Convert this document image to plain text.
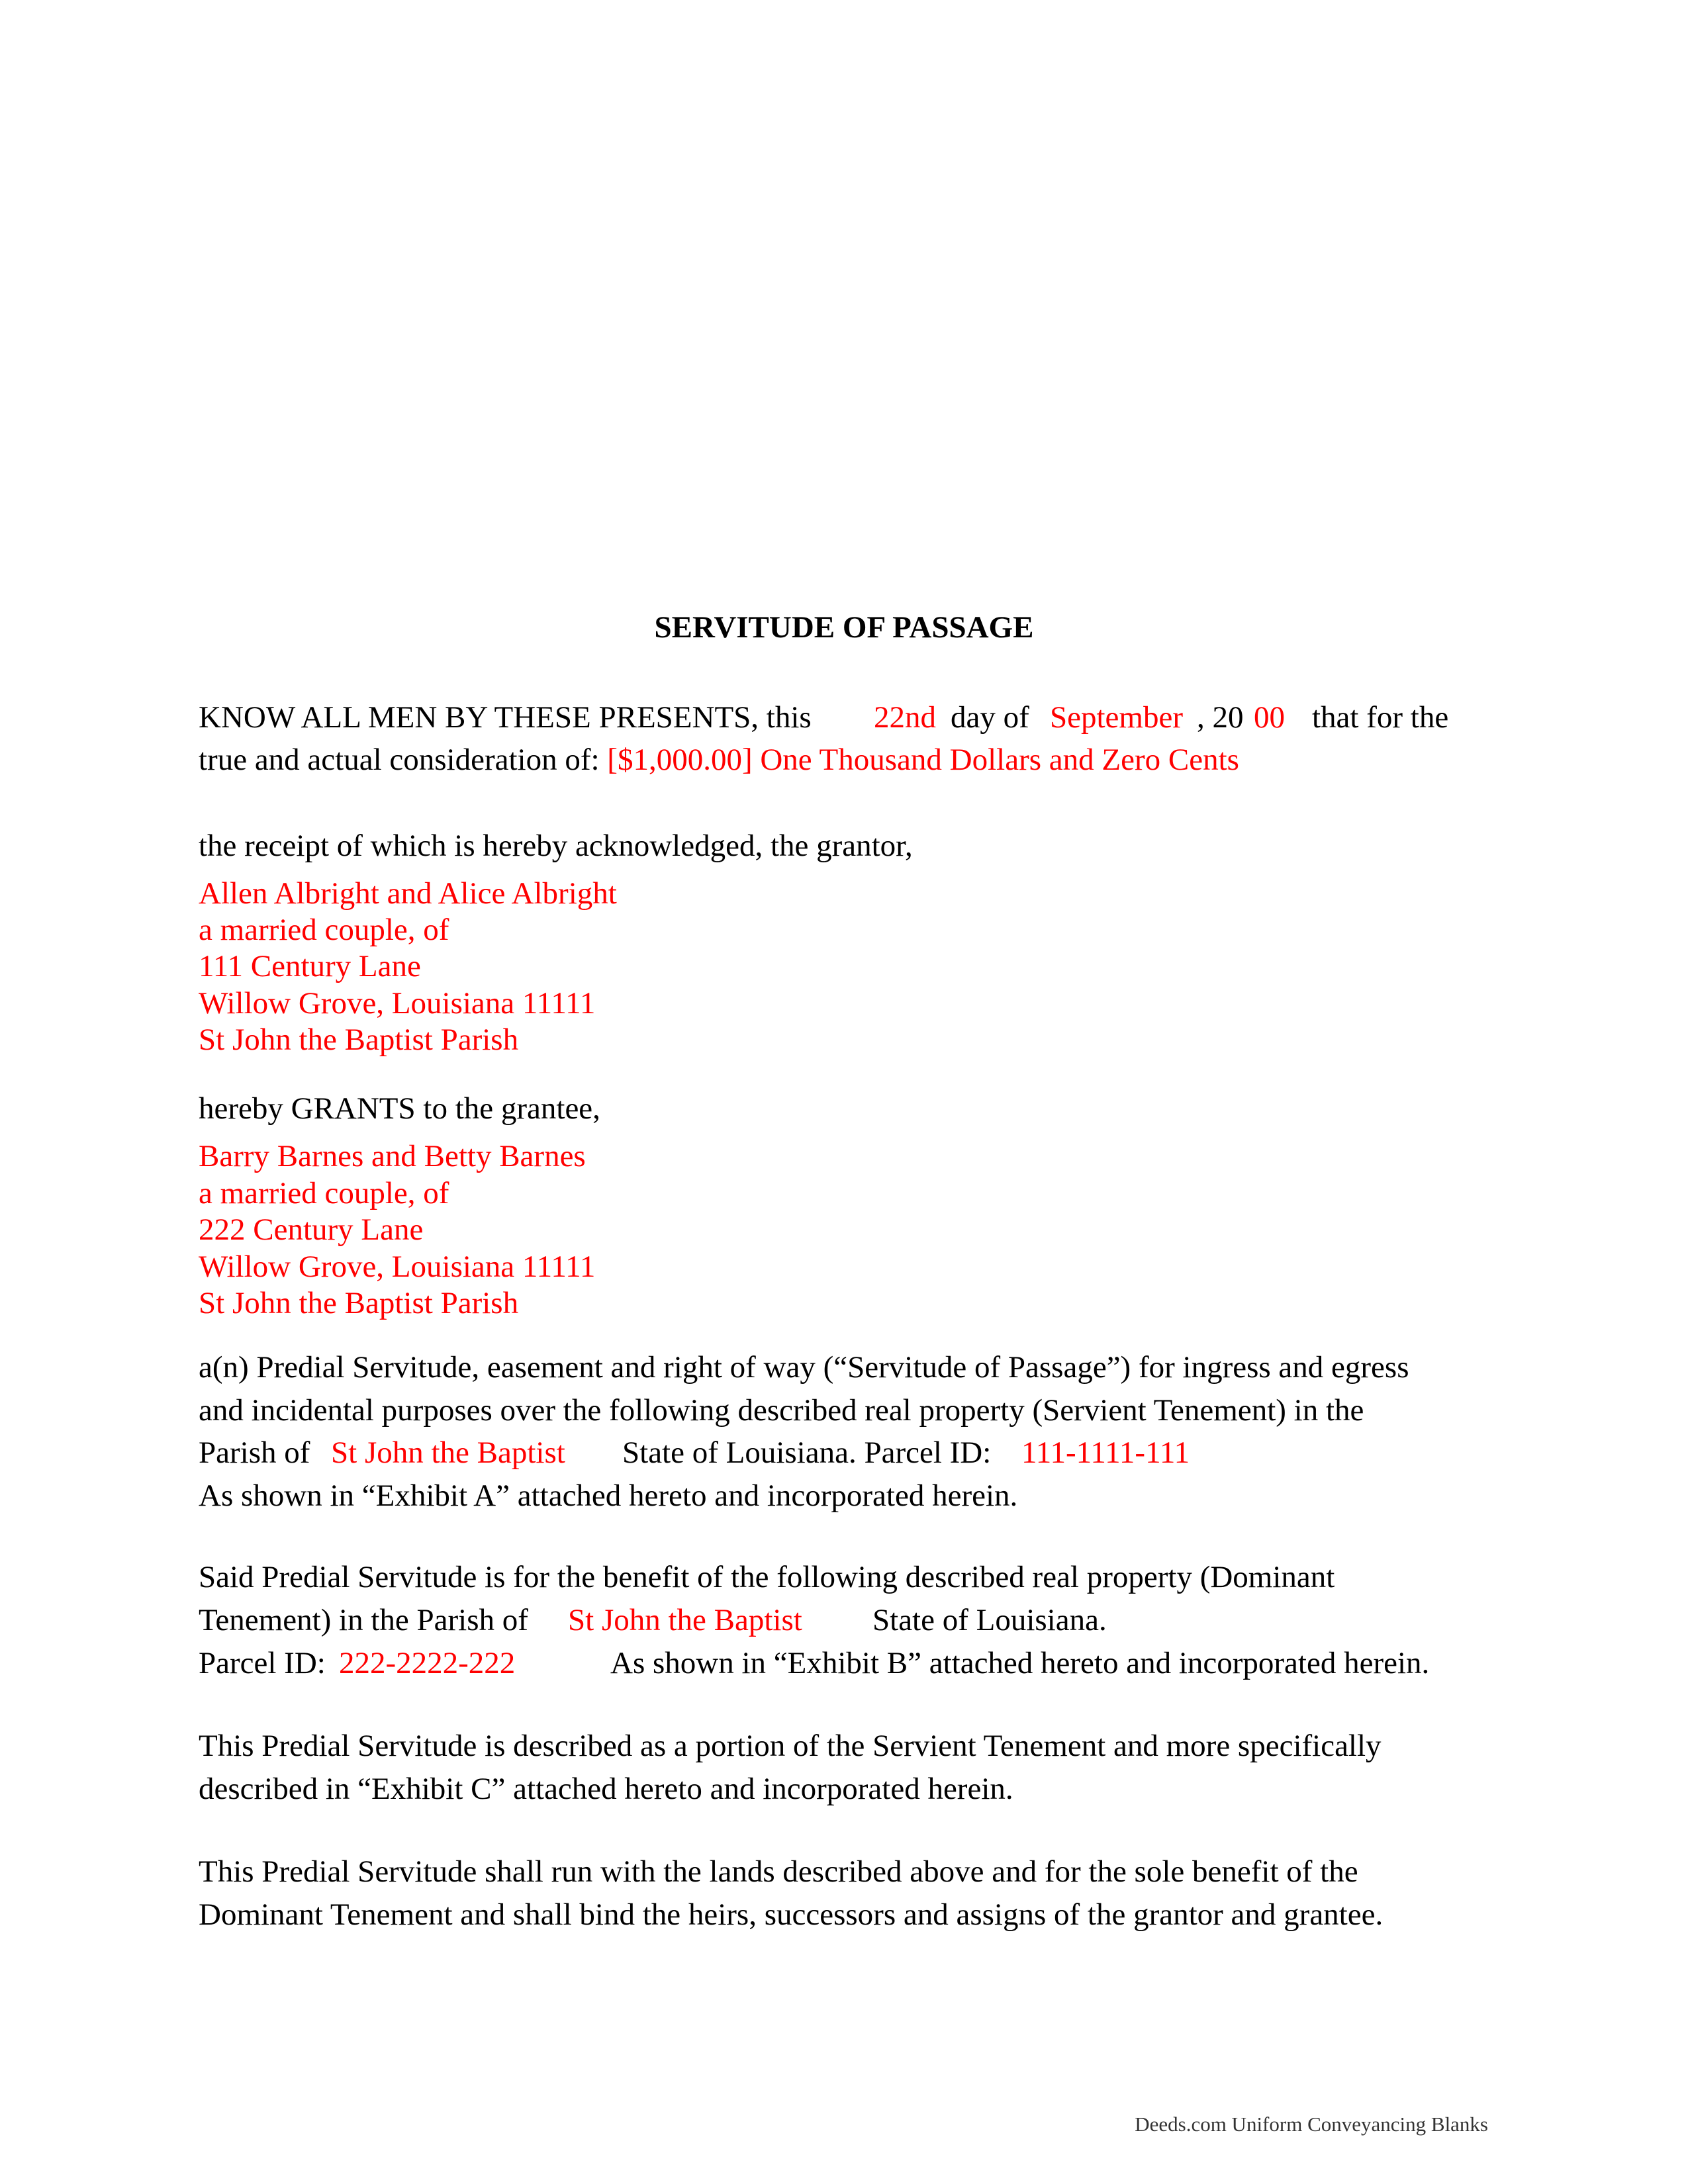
SERVITUDE OF PASSAGE
KNOW ALL MEN BY THESE PRESENTS, this 22nd day of September , 20 00 that for the
true and actual consideration of: [$1,000.00] One Thousand Dollars and Zero Cents
the receipt of which is hereby acknowledged, the grantor,
Allen Albright and Alice Albright
a married couple, of
111 Century Lane
Willow Grove, Louisiana 11111
St John the Baptist Parish
hereby GRANTS to the grantee,
Barry Barnes and Betty Barnes
a married couple, of
222 Century Lane
Willow Grove, Louisiana 11111
St John the Baptist Parish
a(n) Predial Servitude, easement and right of way (“Servitude of Passage”) for ingress and egress
and incidental purposes over the following described real property (Servient Tenement) in the
Parish of St John the Baptist State of Louisiana. Parcel ID: 111-1111-111
As shown in “Exhibit A” attached hereto and incorporated herein.
Said Predial Servitude is for the benefit of the following described real property (Dominant
Tenement) in the Parish of St John the Baptist State of Louisiana.
Parcel ID: 222-2222-222	As shown in “Exhibit B” attached hereto and incorporated herein.
This Predial Servitude is described as a portion of the Servient Tenement and more specifically
described in “Exhibit C” attached hereto and incorporated herein.
This Predial Servitude shall run with the lands described above and for the sole benefit of the
Dominant Tenement and shall bind the heirs, successors and assigns of the grantor and grantee.
Deeds.com Uniform Conveyancing Blanks
